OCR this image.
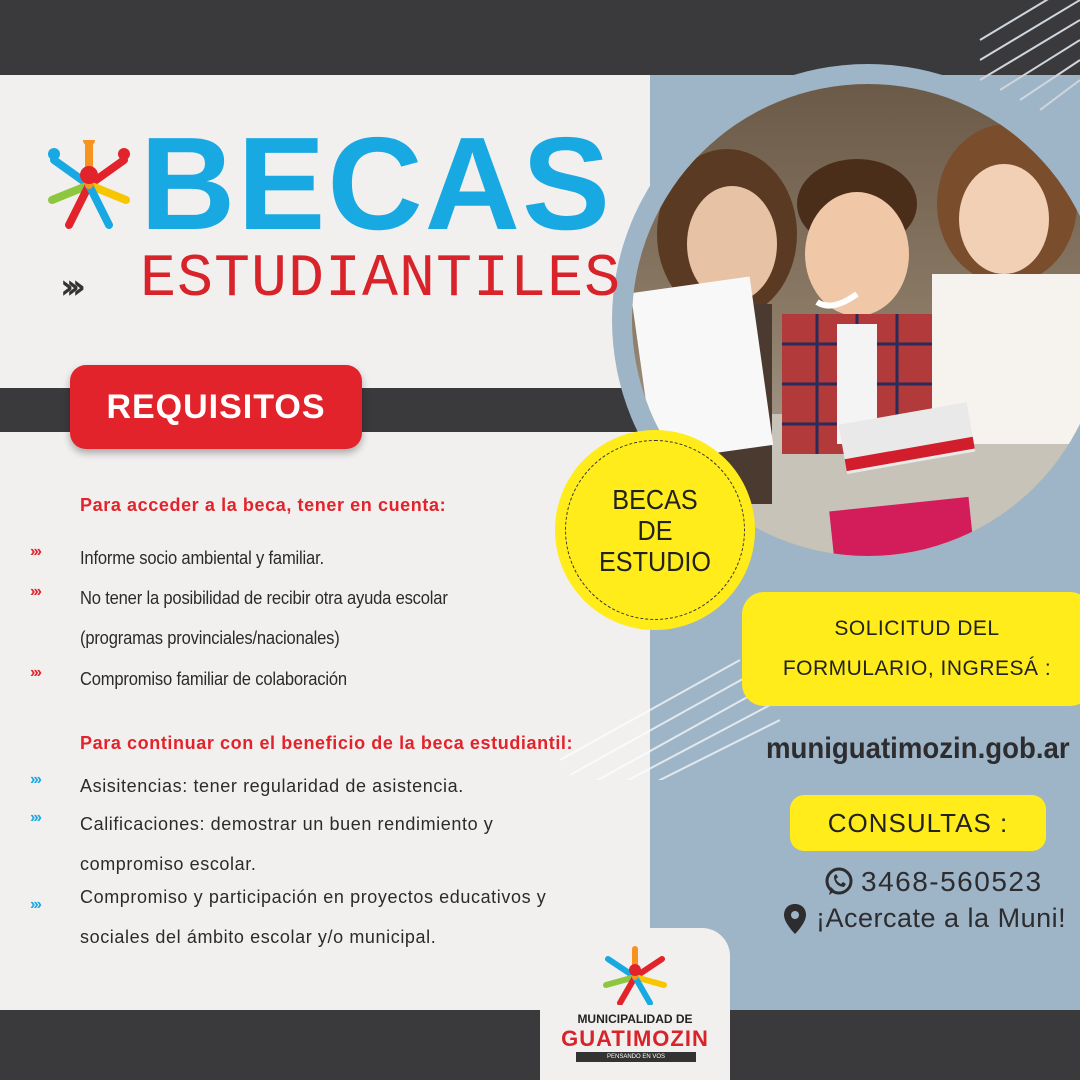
BECAS
››› ESTUDIANTILES
REQUISITOS
Para acceder a la beca, tener en cuenta:
›››	Informe socio ambiental y familiar.
›››	No tener la posibilidad de recibir otra ayuda escolar
(programas provinciales/nacionales)
›››	Compromiso familiar de colaboración
Para continuar con el beneficio de la beca estudiantil:
›››	Asisitencias: tener regularidad de asistencia.
›››	Calificaciones: demostrar un buen rendimiento y
compromiso escolar.
›››	Compromiso y participación en proyectos educativos y
sociales del ámbito escolar y/o municipal.
BECAS
DE
ESTUDIO
SOLICITUD DEL
FORMULARIO, INGRESÁ :
muniguatimozin.gob.ar
CONSULTAS :
3468-560523
¡Acercate a la Muni!
MUNICIPALIDAD DE
GUATIMOZIN
PENSANDO EN VOS
